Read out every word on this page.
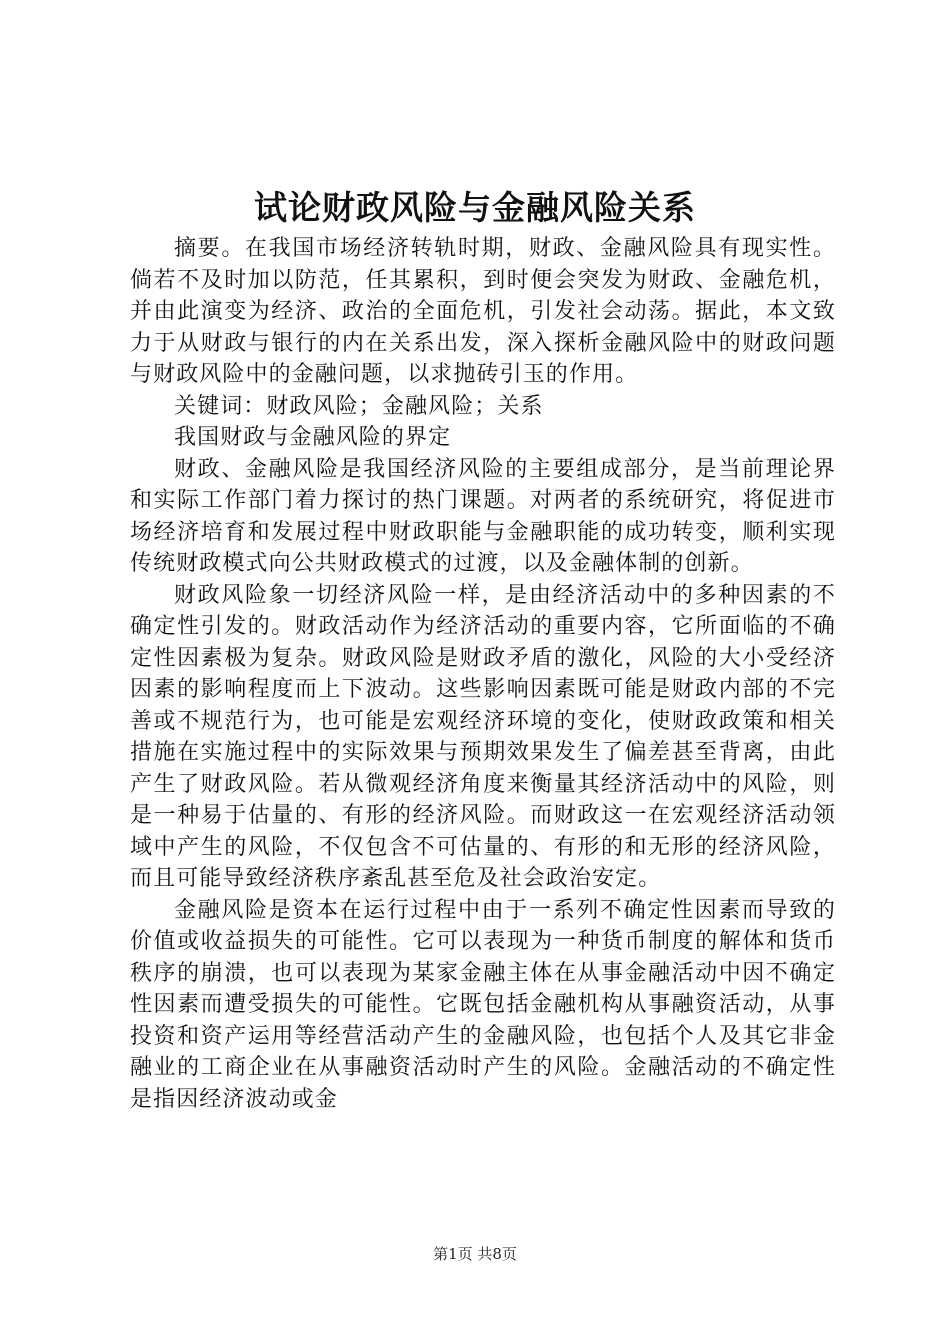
试论财政风险与金融风险关系

摘要。在我国市场经济转轨时期，财政、金融风险具有现实性。倘若不及时加以防范，任其累积，到时便会突发为财政、金融危机，并由此演变为经济、政治的全面危机，引发社会动荡。据此，本文致力于从财政与银行的内在关系出发，深入探析金融风险中的财政问题与财政风险中的金融问题，以求抛砖引玉的作用。

关键词：财政风险；金融风险；关系

我国财政与金融风险的界定

财政、金融风险是我国经济风险的主要组成部分，是当前理论界和实际工作部门着力探讨的热门课题。对两者的系统研究，将促进市场经济培育和发展过程中财政职能与金融职能的成功转变，顺利实现传统财政模式向公共财政模式的过渡，以及金融体制的创新。

财政风险象一切经济风险一样，是由经济活动中的多种因素的不确定性引发的。财政活动作为经济活动的重要内容，它所面临的不确定性因素极为复杂。财政风险是财政矛盾的激化，风险的大小受经济因素的影响程度而上下波动。这些影响因素既可能是财政内部的不完善或不规范行为，也可能是宏观经济环境的变化，使财政政策和相关措施在实施过程中的实际效果与预期效果发生了偏差甚至背离，由此产生了财政风险。若从微观经济角度来衡量其经济活动中的风险，则是一种易于估量的、有形的经济风险。而财政这一在宏观经济活动领域中产生的风险，不仅包含不可估量的、有形的和无形的经济风险，而且可能导致经济秩序紊乱甚至危及社会政治安定。

金融风险是资本在运行过程中由于一系列不确定性因素而导致的价值或收益损失的可能性。它可以表现为一种货币制度的解体和货币秩序的崩溃，也可以表现为某家金融主体在从事金融活动中因不确定性因素而遭受损失的可能性。它既包括金融机构从事融资活动，从事投资和资产运用等经营活动产生的金融风险，也包括个人及其它非金融业的工商企业在从事融资活动时产生的风险。金融活动的不确定性是指因经济波动或金

第1页 共8页
